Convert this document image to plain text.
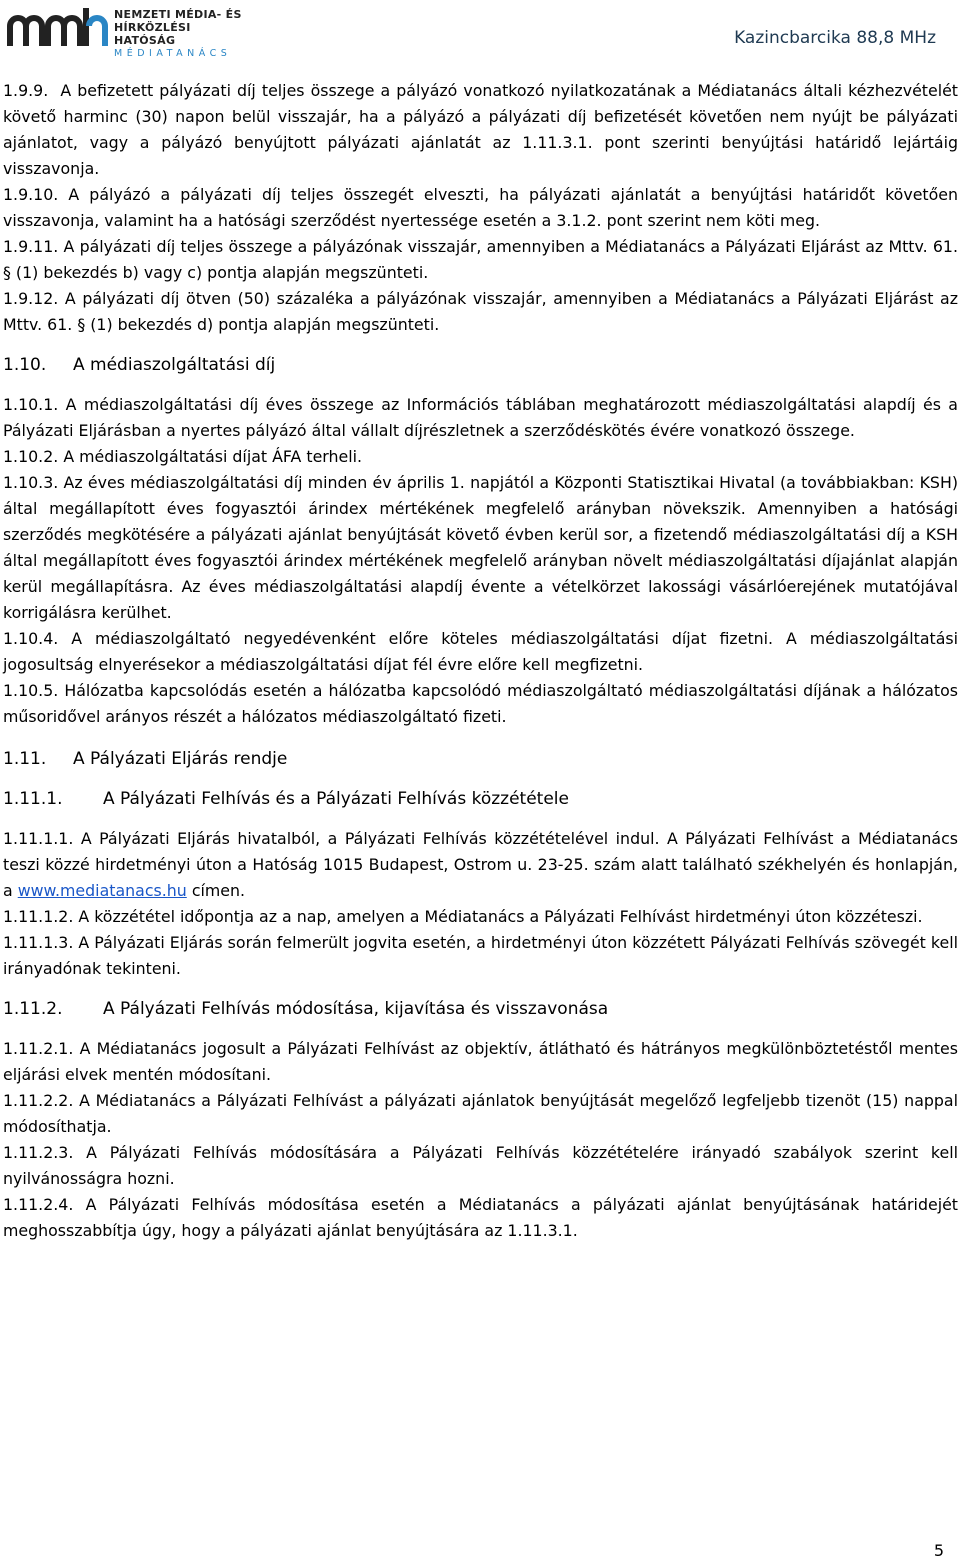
NEMZETI MÉDIA- ÉS
HÍRKÖZLÉSI HATÓSÁG
MÉDIATANÁCS
Kazincbarcika 88,8 MHz

1.9.9. A befizetett pályázati díj teljes összege a pályázó vonatkozó nyilatkozatának a Médiatanács általi kézhezvételét követő harminc (30) napon belül visszajár, ha a pályázó a pályázati díj befizetését követően nem nyújt be pályázati ajánlatot, vagy a pályázó benyújtott pályázati ajánlatát az 1.11.3.1. pont szerinti benyújtási határidő lejártáig visszavonja.

1.9.10. A pályázó a pályázati díj teljes összegét elveszti, ha pályázati ajánlatát a benyújtási határidőt követően visszavonja, valamint ha a hatósági szerződést nyertessége esetén a 3.1.2. pont szerint nem köti meg.

1.9.11. A pályázati díj teljes összege a pályázónak visszajár, amennyiben a Médiatanács a Pályázati Eljárást az Mttv. 61. § (1) bekezdés b) vagy c) pontja alapján megszünteti.

1.9.12. A pályázati díj ötven (50) százaléka a pályázónak visszajár, amennyiben a Médiatanács a Pályázati Eljárást az Mttv. 61. § (1) bekezdés d) pontja alapján megszünteti.

1.10. A médiaszolgáltatási díj

1.10.1. A médiaszolgáltatási díj éves összege az Információs táblában meghatározott médiaszolgáltatási alapdíj és a Pályázati Eljárásban a nyertes pályázó által vállalt díjrészletnek a szerződéskötés évére vonatkozó összege.

1.10.2. A médiaszolgáltatási díjat ÁFA terheli.

1.10.3. Az éves médiaszolgáltatási díj minden év április 1. napjától a Központi Statisztikai Hivatal (a továbbiakban: KSH) által megállapított éves fogyasztói árindex mértékének megfelelő arányban növekszik. Amennyiben a hatósági szerződés megkötésére a pályázati ajánlat benyújtását követő évben kerül sor, a fizetendő médiaszolgáltatási díj a KSH által megállapított éves fogyasztói árindex mértékének megfelelő arányban növelt médiaszolgáltatási díjajánlat alapján kerül megállapításra. Az éves médiaszolgáltatási alapdíj évente a vételkörzet lakossági vásárlóerejének mutatójával korrigálásra kerülhet.

1.10.4. A médiaszolgáltató negyedévenként előre köteles médiaszolgáltatási díjat fizetni. A médiaszolgáltatási jogosultság elnyerésekor a médiaszolgáltatási díjat fél évre előre kell megfizetni.

1.10.5. Hálózatba kapcsolódás esetén a hálózatba kapcsolódó médiaszolgáltató médiaszolgáltatási díjának a hálózatos műsoridővel arányos részét a hálózatos médiaszolgáltató fizeti.

1.11. A Pályázati Eljárás rendje

1.11.1. A Pályázati Felhívás és a Pályázati Felhívás közzététele

1.11.1.1. A Pályázati Eljárás hivatalból, a Pályázati Felhívás közzétételével indul. A Pályázati Felhívást a Médiatanács teszi közzé hirdetményi úton a Hatóság 1015 Budapest, Ostrom u. 23-25. szám alatt található székhelyén és honlapján, a www.mediatanacs.hu címen.

1.11.1.2. A közzététel időpontja az a nap, amelyen a Médiatanács a Pályázati Felhívást hirdetményi úton közzéteszi.

1.11.1.3. A Pályázati Eljárás során felmerült jogvita esetén, a hirdetményi úton közzétett Pályázati Felhívás szövegét kell irányadónak tekinteni.

1.11.2. A Pályázati Felhívás módosítása, kijavítása és visszavonása

1.11.2.1. A Médiatanács jogosult a Pályázati Felhívást az objektív, átlátható és hátrányos megkülönböztetéstől mentes eljárási elvek mentén módosítani.

1.11.2.2. A Médiatanács a Pályázati Felhívást a pályázati ajánlatok benyújtását megelőző legfeljebb tizenöt (15) nappal módosíthatja.

1.11.2.3. A Pályázati Felhívás módosítására a Pályázati Felhívás közzétételére irányadó szabályok szerint kell nyilvánosságra hozni.

1.11.2.4. A Pályázati Felhívás módosítása esetén a Médiatanács a pályázati ajánlat benyújtásának határidejét meghosszabbítja úgy, hogy a pályázati ajánlat benyújtására az 1.11.3.1.

5
